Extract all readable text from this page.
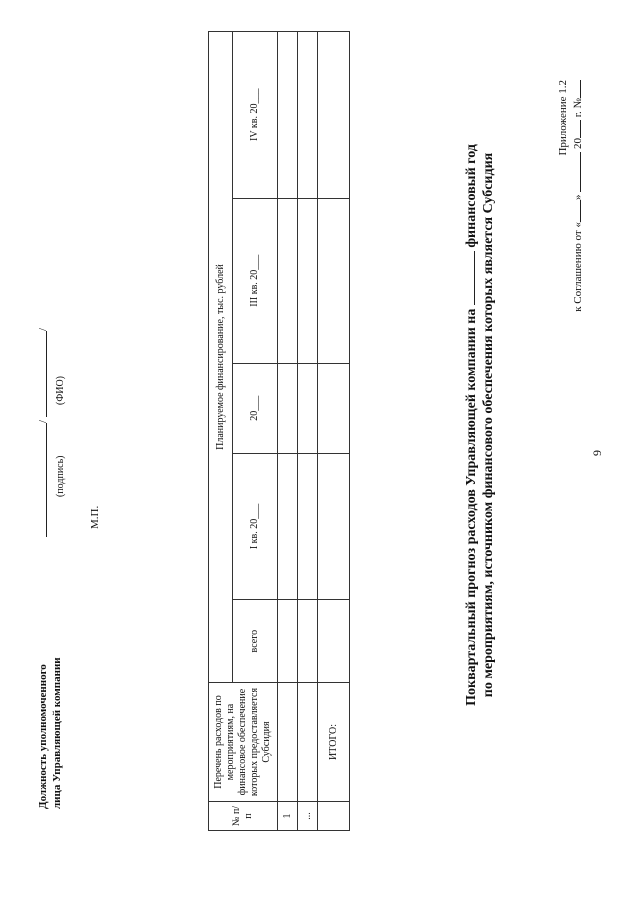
9
Приложение 1.2
к Соглашению от «»  20 г. №
Поквартальный прогноз расходов Управляющей компании на  финансовый год по мероприятиям, источником финансового обеспечения которых является Субсидия
№ п/п	Перечень расходов по мероприятиям, на финансовое обеспечение которых предоставляется Субсидия	Планируемое финансирование, тыс. рублей				
		всего	I кв. 20___	20___	III кв. 20___	IV кв. 20___
1						
...						
	ИТОГО:					
Должность уполномоченного лица Управляющей компании
/
/
(подпись)
(ФИО)
М.П.
